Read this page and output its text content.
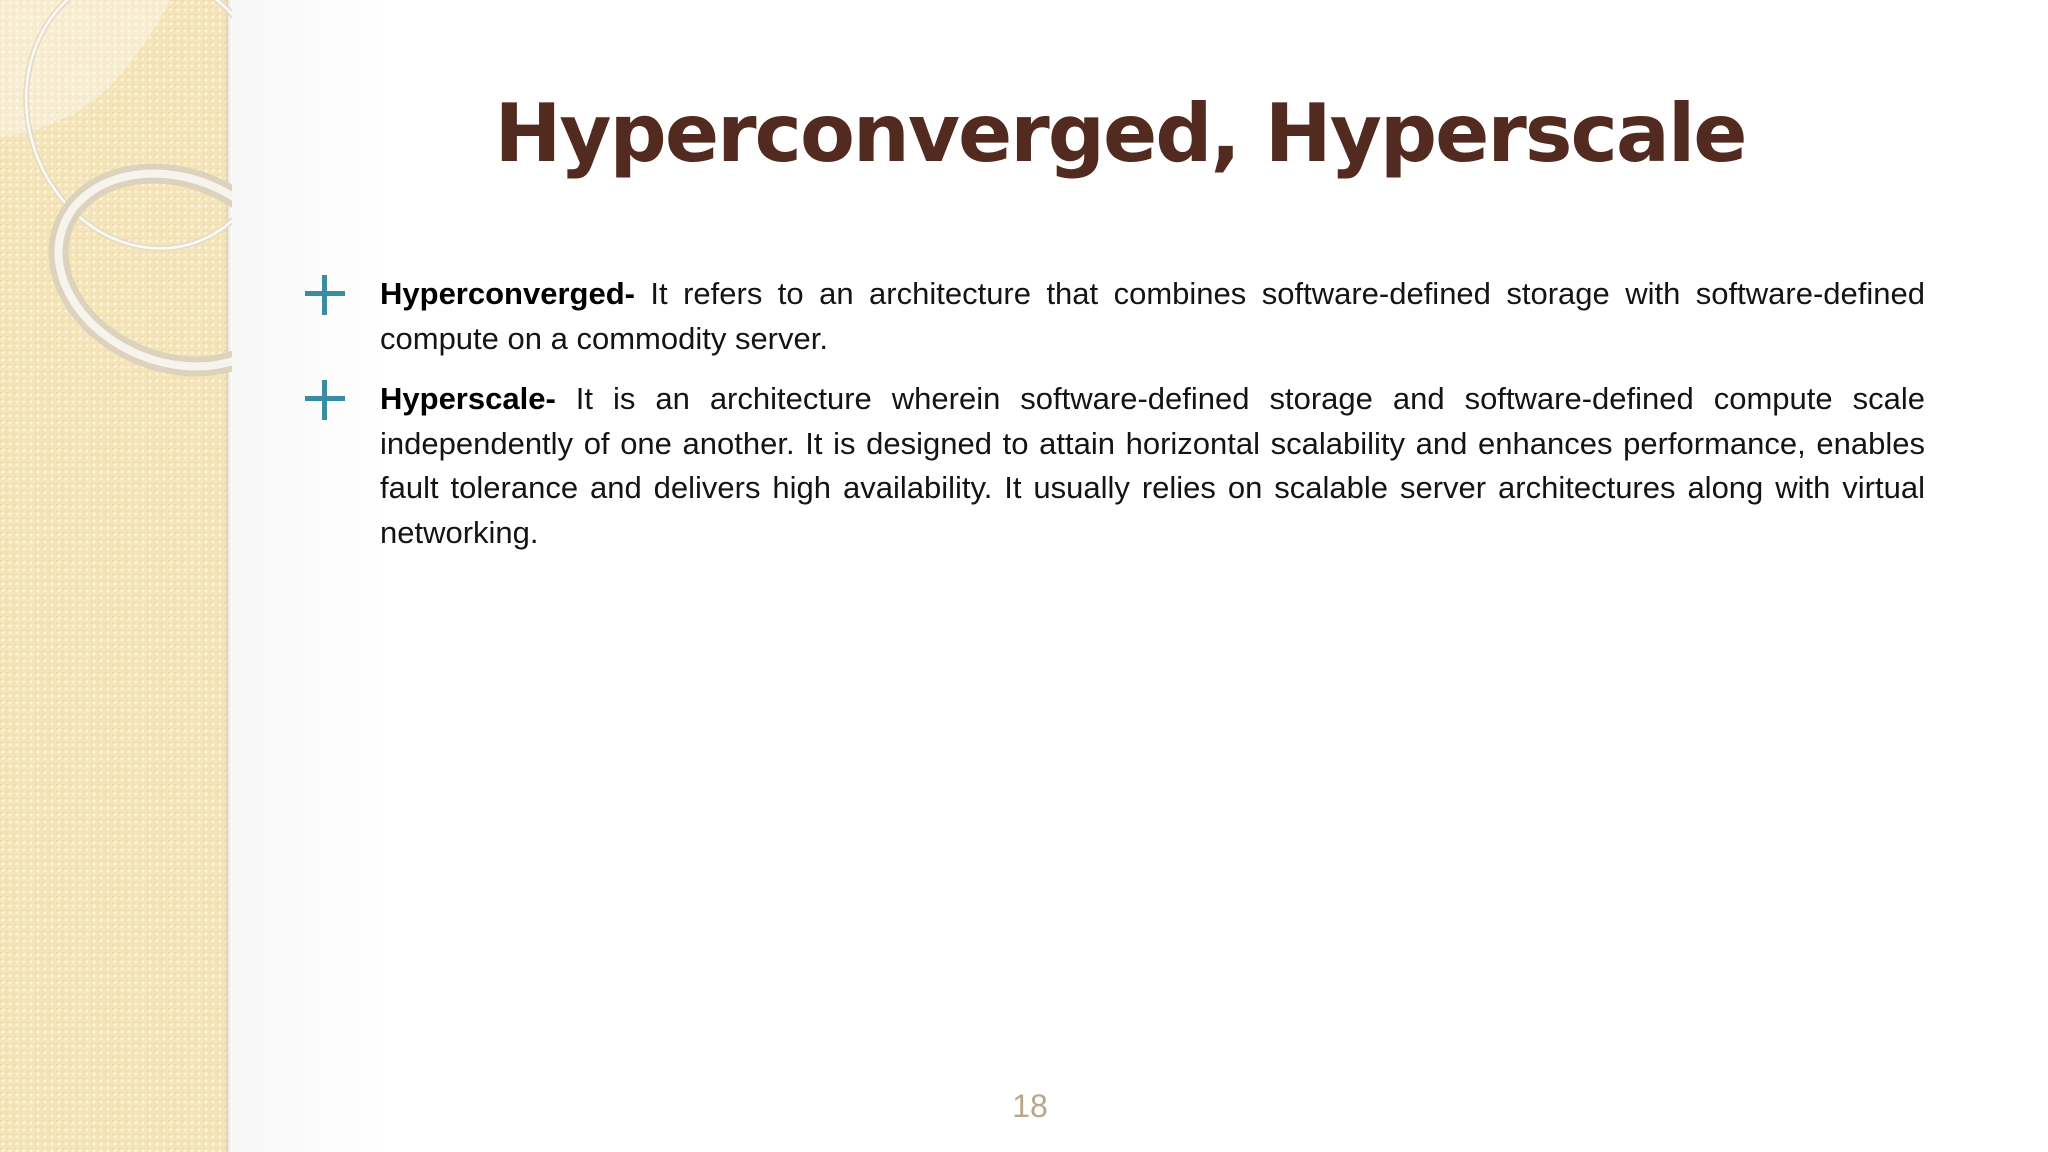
Hyperconverged, Hyperscale
Hyperconverged- It refers to an architecture that combines software-defined storage with software-defined compute on a commodity server.
Hyperscale- It is an architecture wherein software-defined storage and software-defined compute scale independently of one another. It is designed to attain horizontal scalability and enhances performance, enables fault tolerance and delivers high availability. It usually relies on scalable server architectures along with virtual networking.
18
